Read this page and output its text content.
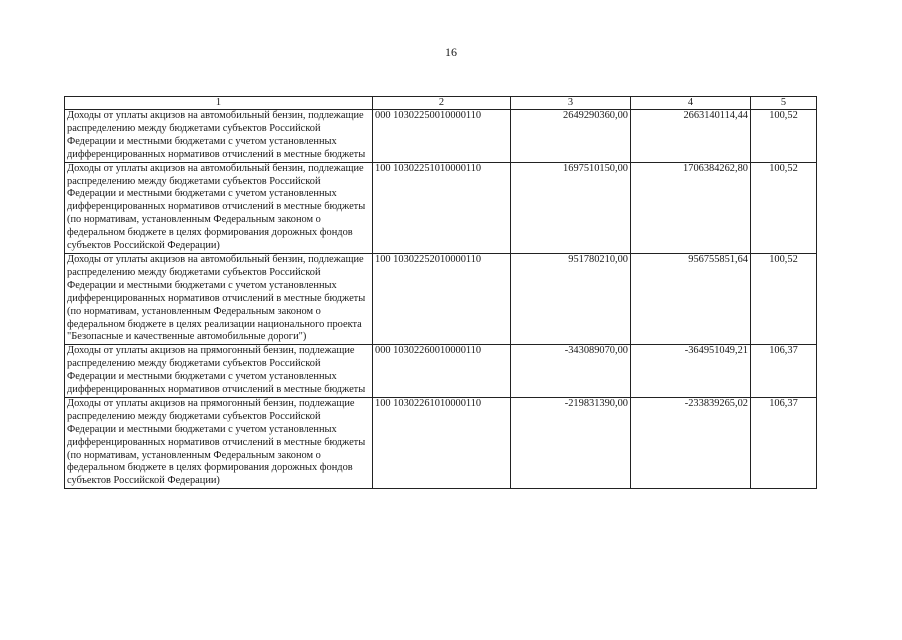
16
1	2	3	4	5
Доходы от уплаты акцизов на автомобильный бензин, подлежащие распределению между бюджетами субъектов Российской Федерации и местными бюджетами с учетом установленных дифференцированных нормативов отчислений в местные бюджеты	000 10302250010000110	2649290360,00	2663140114,44	100,52
Доходы от уплаты акцизов на автомобильный бензин, подлежащие распределению между бюджетами субъектов Российской Федерации и местными бюджетами с учетом установленных дифференцированных нормативов отчислений в местные бюджеты (по нормативам, установленным Федеральным законом о федеральном бюджете в целях формирования дорожных фондов субъектов Российской Федерации)	100 10302251010000110	1697510150,00	1706384262,80	100,52
Доходы от уплаты акцизов на автомобильный бензин, подлежащие распределению между бюджетами субъектов Российской Федерации и местными бюджетами с учетом установленных дифференцированных нормативов отчислений в местные бюджеты (по нормативам, установленным Федеральным законом о федеральном бюджете в целях реализации национального проекта "Безопасные и качественные автомобильные дороги")	100 10302252010000110	951780210,00	956755851,64	100,52
Доходы от уплаты акцизов на прямогонный бензин, подлежащие распределению между бюджетами субъектов Российской Федерации и местными бюджетами с учетом установленных дифференцированных нормативов отчислений в местные бюджеты	000 10302260010000110	-343089070,00	-364951049,21	106,37
Доходы от уплаты акцизов на прямогонный бензин, подлежащие распределению между бюджетами субъектов Российской Федерации и местными бюджетами с учетом установленных дифференцированных нормативов отчислений в местные бюджеты (по нормативам, установленным Федеральным законом о федеральном бюджете в целях формирования дорожных фондов субъектов Российской Федерации)	100 10302261010000110	-219831390,00	-233839265,02	106,37
